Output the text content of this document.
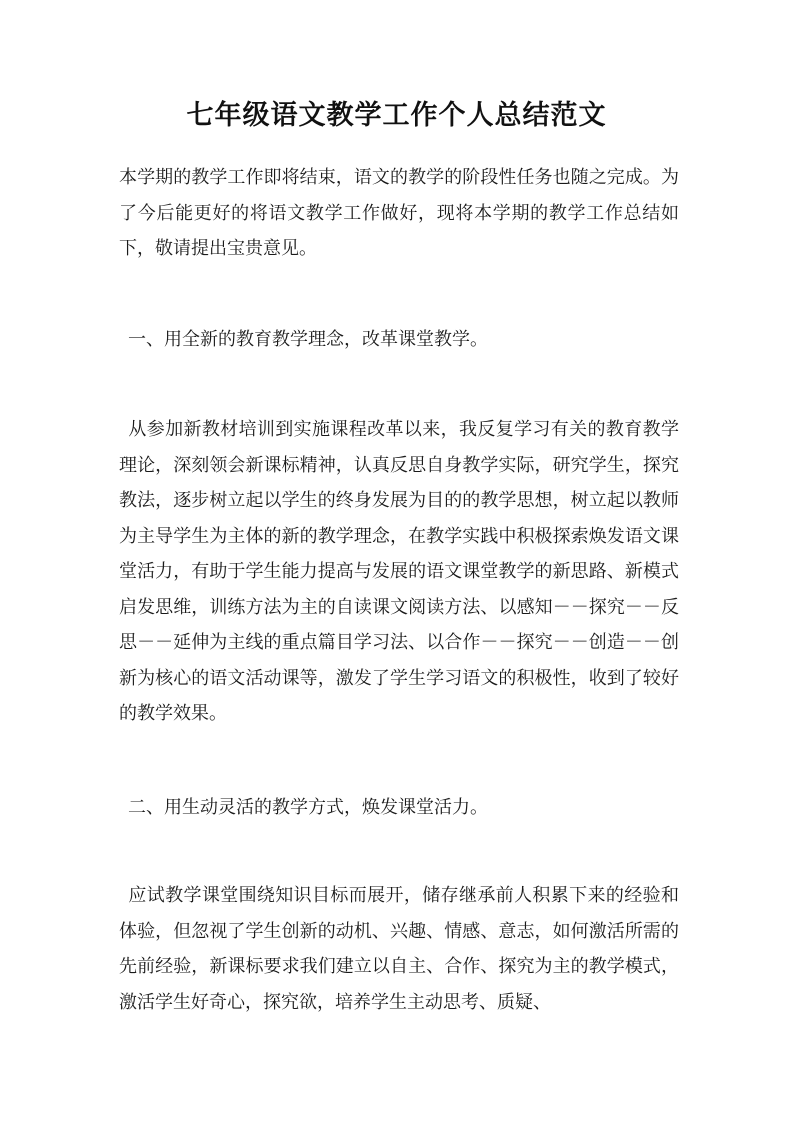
七年级语文教学工作个人总结范文
本学期的教学工作即将结束，语文的教学的阶段性任务也随之完成。为了今后能更好的将语文教学工作做好，现将本学期的教学工作总结如下，敬请提出宝贵意见。
 一、用全新的教育教学理念，改革课堂教学。
 从参加新教材培训到实施课程改革以来，我反复学习有关的教育教学理论，深刻领会新课标精神，认真反思自身教学实际，研究学生，探究教法，逐步树立起以学生的终身发展为目的的教学思想，树立起以教师为主导学生为主体的新的教学理念，在教学实践中积极探索焕发语文课堂活力，有助于学生能力提高与发展的语文课堂教学的新思路、新模式启发思维，训练方法为主的自读课文阅读方法、以感知－－探究－－反思－－延伸为主线的重点篇目学习法、以合作－－探究－－创造－－创新为核心的语文活动课等，激发了学生学习语文的积极性，收到了较好的教学效果。
 二、用生动灵活的教学方式，焕发课堂活力。
 应试教学课堂围绕知识目标而展开，储存继承前人积累下来的经验和体验，但忽视了学生创新的动机、兴趣、情感、意志，如何激活所需的先前经验，新课标要求我们建立以自主、合作、探究为主的教学模式，激活学生好奇心，探究欲，培养学生主动思考、质疑、
